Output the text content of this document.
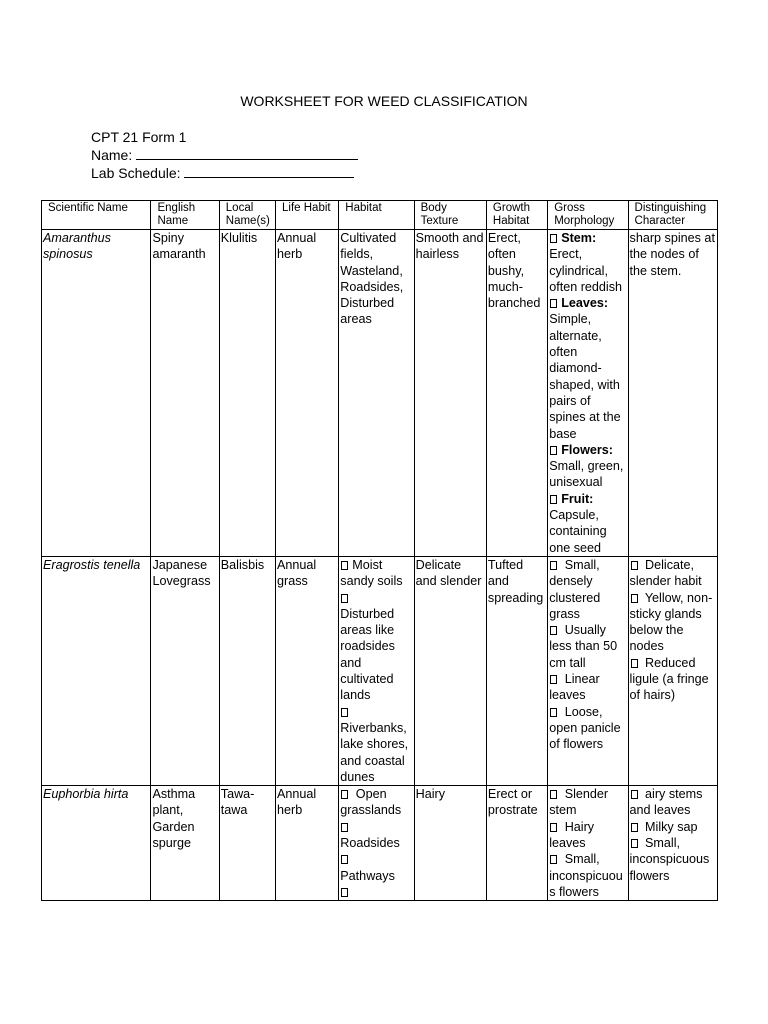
WORKSHEET FOR WEED CLASSIFICATION
CPT 21 Form 1
Name:
Lab Schedule:
Scientific Name	English Name	Local Name(s)	Life Habit	Habitat	Body Texture	Growth Habitat	Gross Morphology	Distinguishing Character
Amaranthus spinosus	Spiny amaranth	Klulitis	Annual herb	Cultivated fields, Wasteland, Roadsides, Disturbed areas	Smooth and hairless	Erect, often bushy, much-branched	Stem: Erect, cylindrical, often reddish
Leaves: Simple, alternate, often diamond-shaped, with pairs of spines at the base
Flowers: Small, green, unisexual
Fruit: Capsule, containing one seed	sharp spines at the nodes of the stem.
Eragrostis tenella	Japanese Lovegrass	Balisbis	Annual grass	Moist sandy soils

Disturbed areas like roadsides and cultivated lands

Riverbanks, lake shores, and coastal dunes	Delicate and slender	Tufted and spreading	Small, densely clustered grass
Usually less than 50 cm tall
Linear leaves
Loose, open panicle of flowers	Delicate, slender habit
Yellow, non-sticky glands below the nodes
Reduced ligule (a fringe of hairs)

Euphorbia hirta	Asthma plant, Garden spurge	Tawa-tawa	Annual herb	Open grasslands

Roadsides

Pathways	Hairy	Erect or prostrate	Slender stem
Hairy leaves
Small, inconspicuous flowers	airy stems and leaves
Milky sap
Small, inconspicuous flowers
